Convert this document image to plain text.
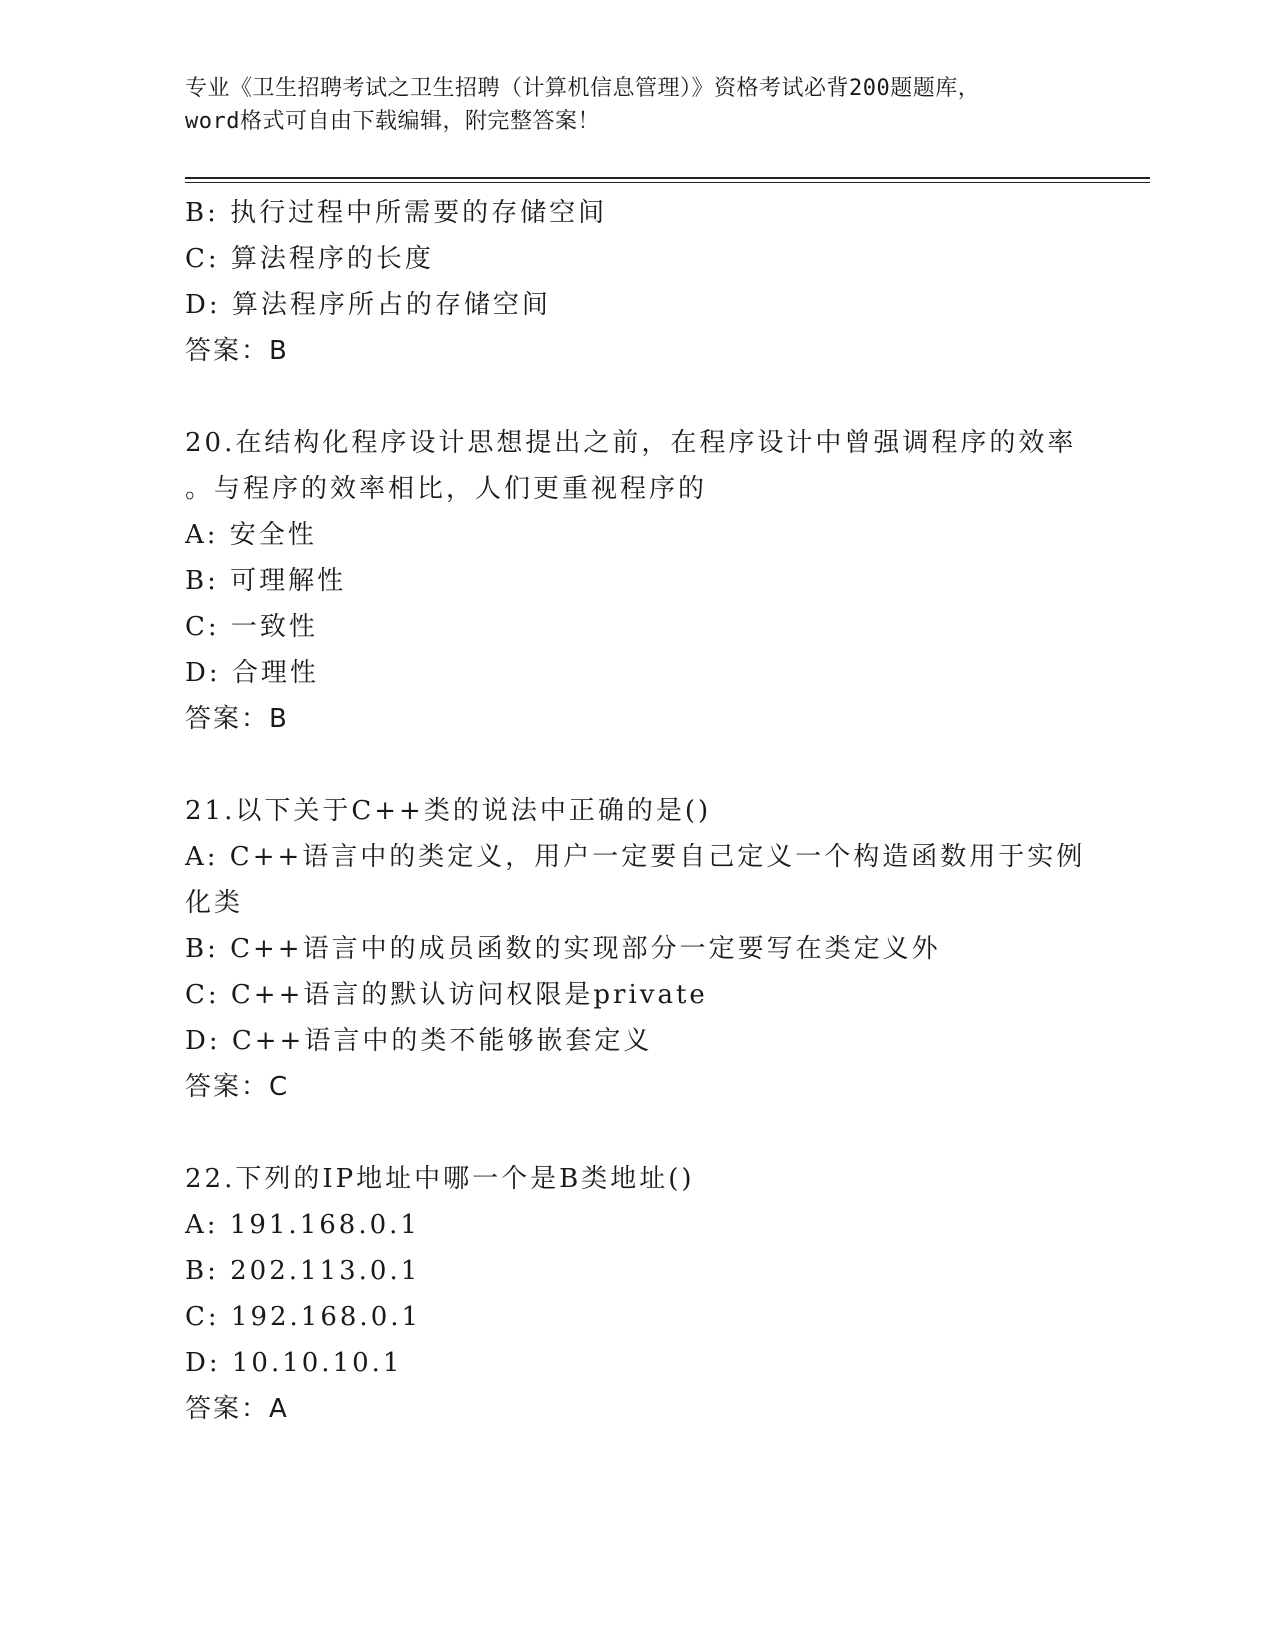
专业《卫生招聘考试之卫生招聘（计算机信息管理）》资格考试必背200题题库，
word格式可自由下载编辑，附完整答案！
B: 执行过程中所需要的存储空间
C: 算法程序的长度
D: 算法程序所占的存储空间
答案：B
20.在结构化程序设计思想提出之前，在程序设计中曾强调程序的效率
。与程序的效率相比，人们更重视程序的
A: 安全性
B: 可理解性
C: 一致性
D: 合理性
答案：B
21.以下关于C++类的说法中正确的是()
A: C++语言中的类定义，用户一定要自己定义一个构造函数用于实例
化类
B: C++语言中的成员函数的实现部分一定要写在类定义外
C: C++语言的默认访问权限是private
D: C++语言中的类不能够嵌套定义
答案：C
22.下列的IP地址中哪一个是B类地址()
A: 191.168.0.1
B: 202.113.0.1
C: 192.168.0.1
D: 10.10.10.1
答案：A
